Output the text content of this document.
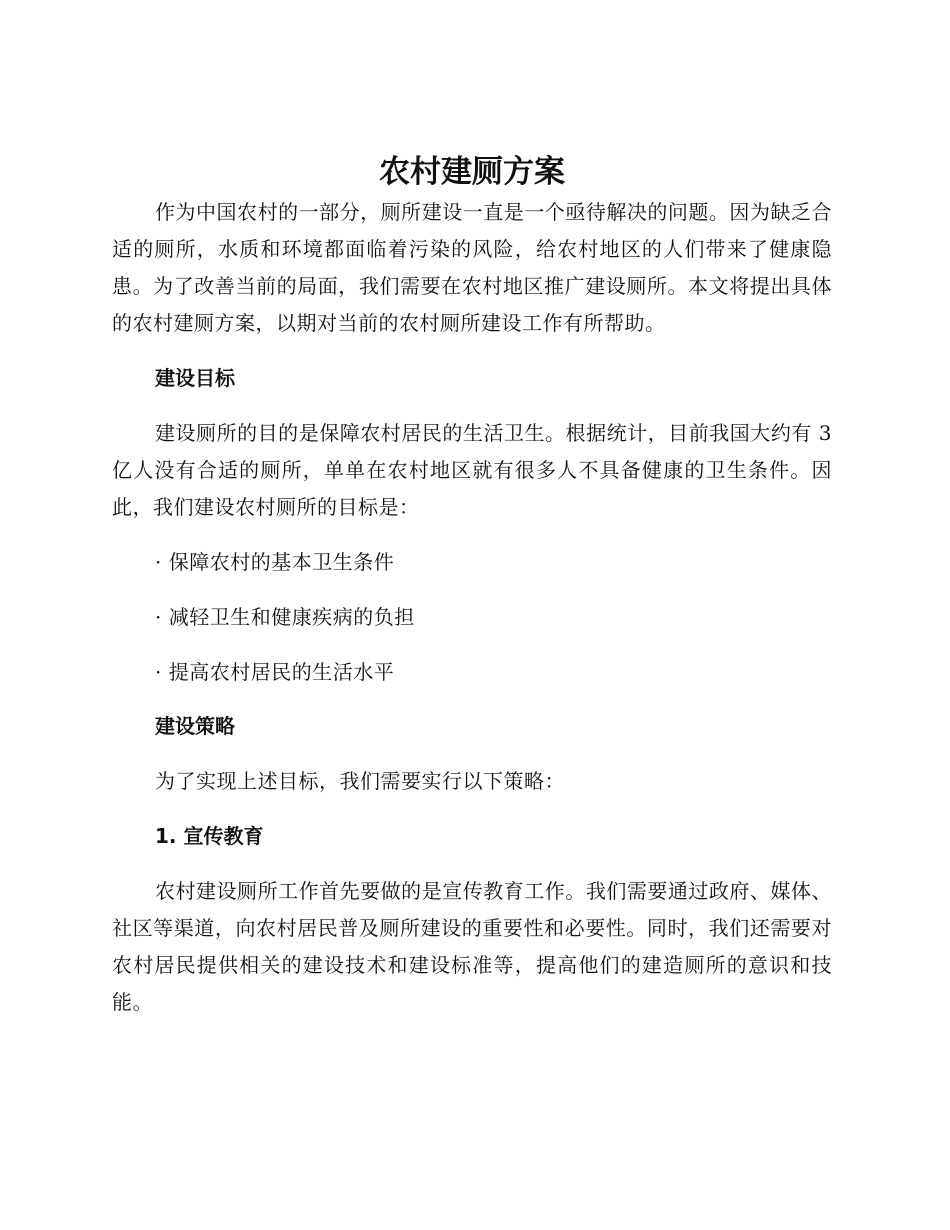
农村建厕方案

作为中国农村的一部分，厕所建设一直是一个亟待解决的问题。因为缺乏合适的厕所，水质和环境都面临着污染的风险，给农村地区的人们带来了健康隐患。为了改善当前的局面，我们需要在农村地区推广建设厕所。本文将提出具体的农村建厕方案，以期对当前的农村厕所建设工作有所帮助。

建设目标

建设厕所的目的是保障农村居民的生活卫生。根据统计，目前我国大约有 3 亿人没有合适的厕所，单单在农村地区就有很多人不具备健康的卫生条件。因此，我们建设农村厕所的目标是：

· 保障农村的基本卫生条件
· 减轻卫生和健康疾病的负担
· 提高农村居民的生活水平
建设策略
为了实现上述目标，我们需要实行以下策略：
1. 宣传教育

农村建设厕所工作首先要做的是宣传教育工作。我们需要通过政府、媒体、社区等渠道，向农村居民普及厕所建设的重要性和必要性。同时，我们还需要对农村居民提供相关的建设技术和建设标准等，提高他们的建造厕所的意识和技能。
